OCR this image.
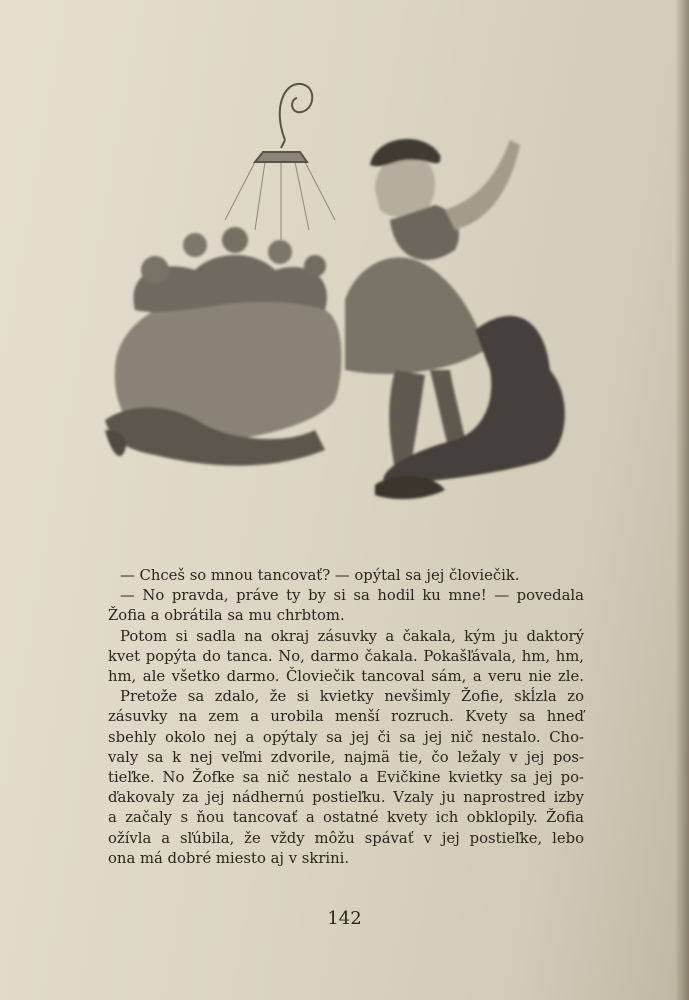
— Chceš so mnou tancovať? — opýtal sa jej človiečik.

— No pravda, práve ty by si sa hodil ku mne! — povedala
Žofia a obrátila sa mu chrbtom.

Potom si sadla na okraj zásuvky a čakala, kým ju daktorý
kvet popýta do tanca. No, darmo čakala. Pokašľávala, hm, hm,
hm, ale všetko darmo. Človiečik tancoval sám, a veru nie zle.

Pretože sa zdalo, že si kvietky nevšimly Žofie, skĺzla zo
zásuvky na zem a urobila menší rozruch. Kvety sa hneď
sbehly okolo nej a opýtaly sa jej či sa jej nič nestalo. Cho-
valy sa k nej veľmi zdvorile, najmä tie, čo ležaly v jej pos-
tieľke. No Žofke sa nič nestalo a Evičkine kvietky sa jej po-
ďakovaly za jej nádhernú postieľku. Vzaly ju naprostred izby
a začaly s ňou tancovať a ostatné kvety ich obklopily. Žofia
ožívla a sľúbila, že vždy môžu spávať v jej postieľke, lebo
ona má dobré miesto aj v skrini.

142
